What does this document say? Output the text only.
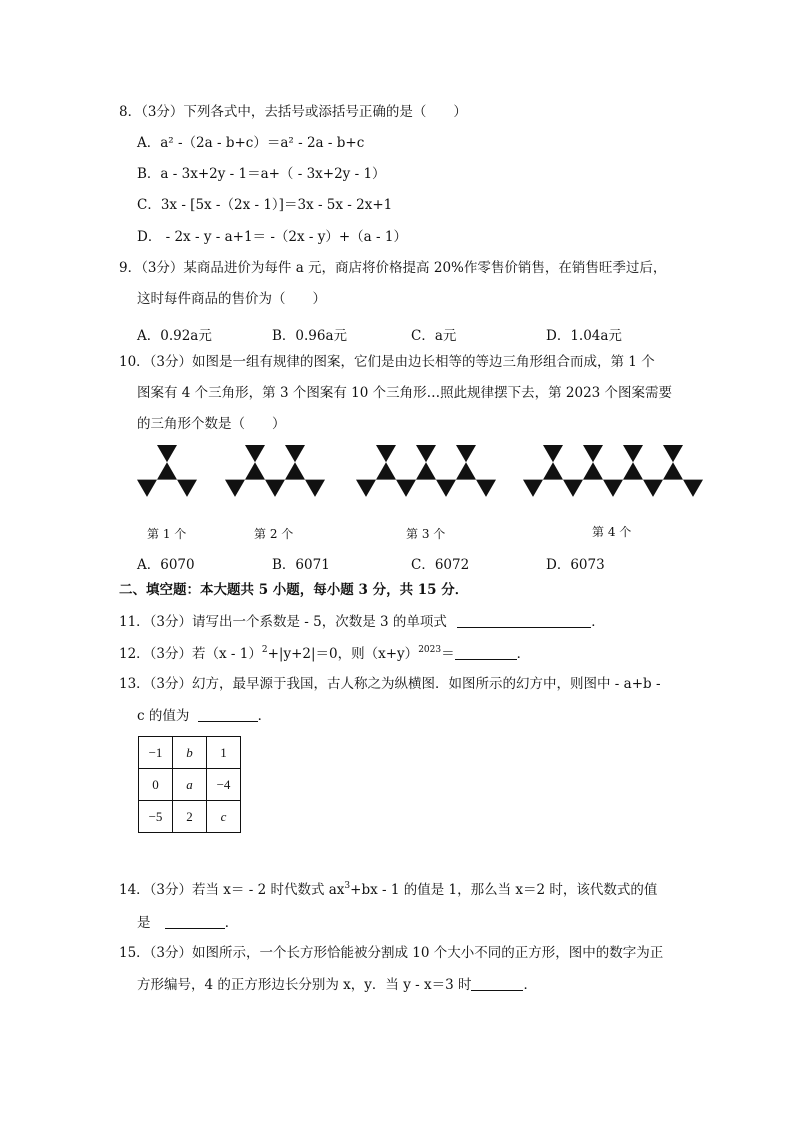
8．（3分）下列各式中，去括号或添括号正确的是（　　）
A．a² -（2a - b+c）＝a² - 2a - b+c
B．a - 3x+2y - 1＝a+（ - 3x+2y - 1）
C．3x - [5x -（2x - 1）]＝3x - 5x - 2x+1
D． - 2x - y - a+1＝ -（2x - y）+（a - 1）
9．（3分）某商品进价为每件 a 元，商店将价格提高 20%作零售价销售，在销售旺季过后，
这时每件商品的售价为（　　）
A．0.92a元	B．0.96a元	C．a元	D．1.04a元
10．（3分）如图是一组有规律的图案，它们是由边长相等的等边三角形组合而成，第 1 个
图案有 4 个三角形，第 3 个图案有 10 个三角形…照此规律摆下去，第 2023 个图案需要
的三角形个数是（　　）
第 1 个	第 2 个	第 3 个	第 4 个
A．6070	B．6071	C．6072	D．6073
二、填空题：本大题共 5 小题，每小题 3 分，共 15 分．
11．（3分）请写出一个系数是 - 5，次数是 3 的单项式	．
12．（3分）若（x - 1）$^2$+|y+2|＝0，则$(x+y)^{2023}=$	．
13．（3分）幻方，最早源于我国，古人称之为纵横图．如图所示的幻方中，则图中 - a+b -
c 的值为	．
−1	b	1
0	a	−4
−5	2	c
14．（3分）若当 x＝ - 2 时代数式 $ax^3+bx - 1$ 的值是 1，那么当 x＝2 时，该代数式的值
是	．
15．（3分）如图所示，一个长方形恰能被分割成 10 个大小不同的正方形，图中的数字为正
方形编号，4 的正方形边长分别为 x，y．当 y - x＝3 时	．
